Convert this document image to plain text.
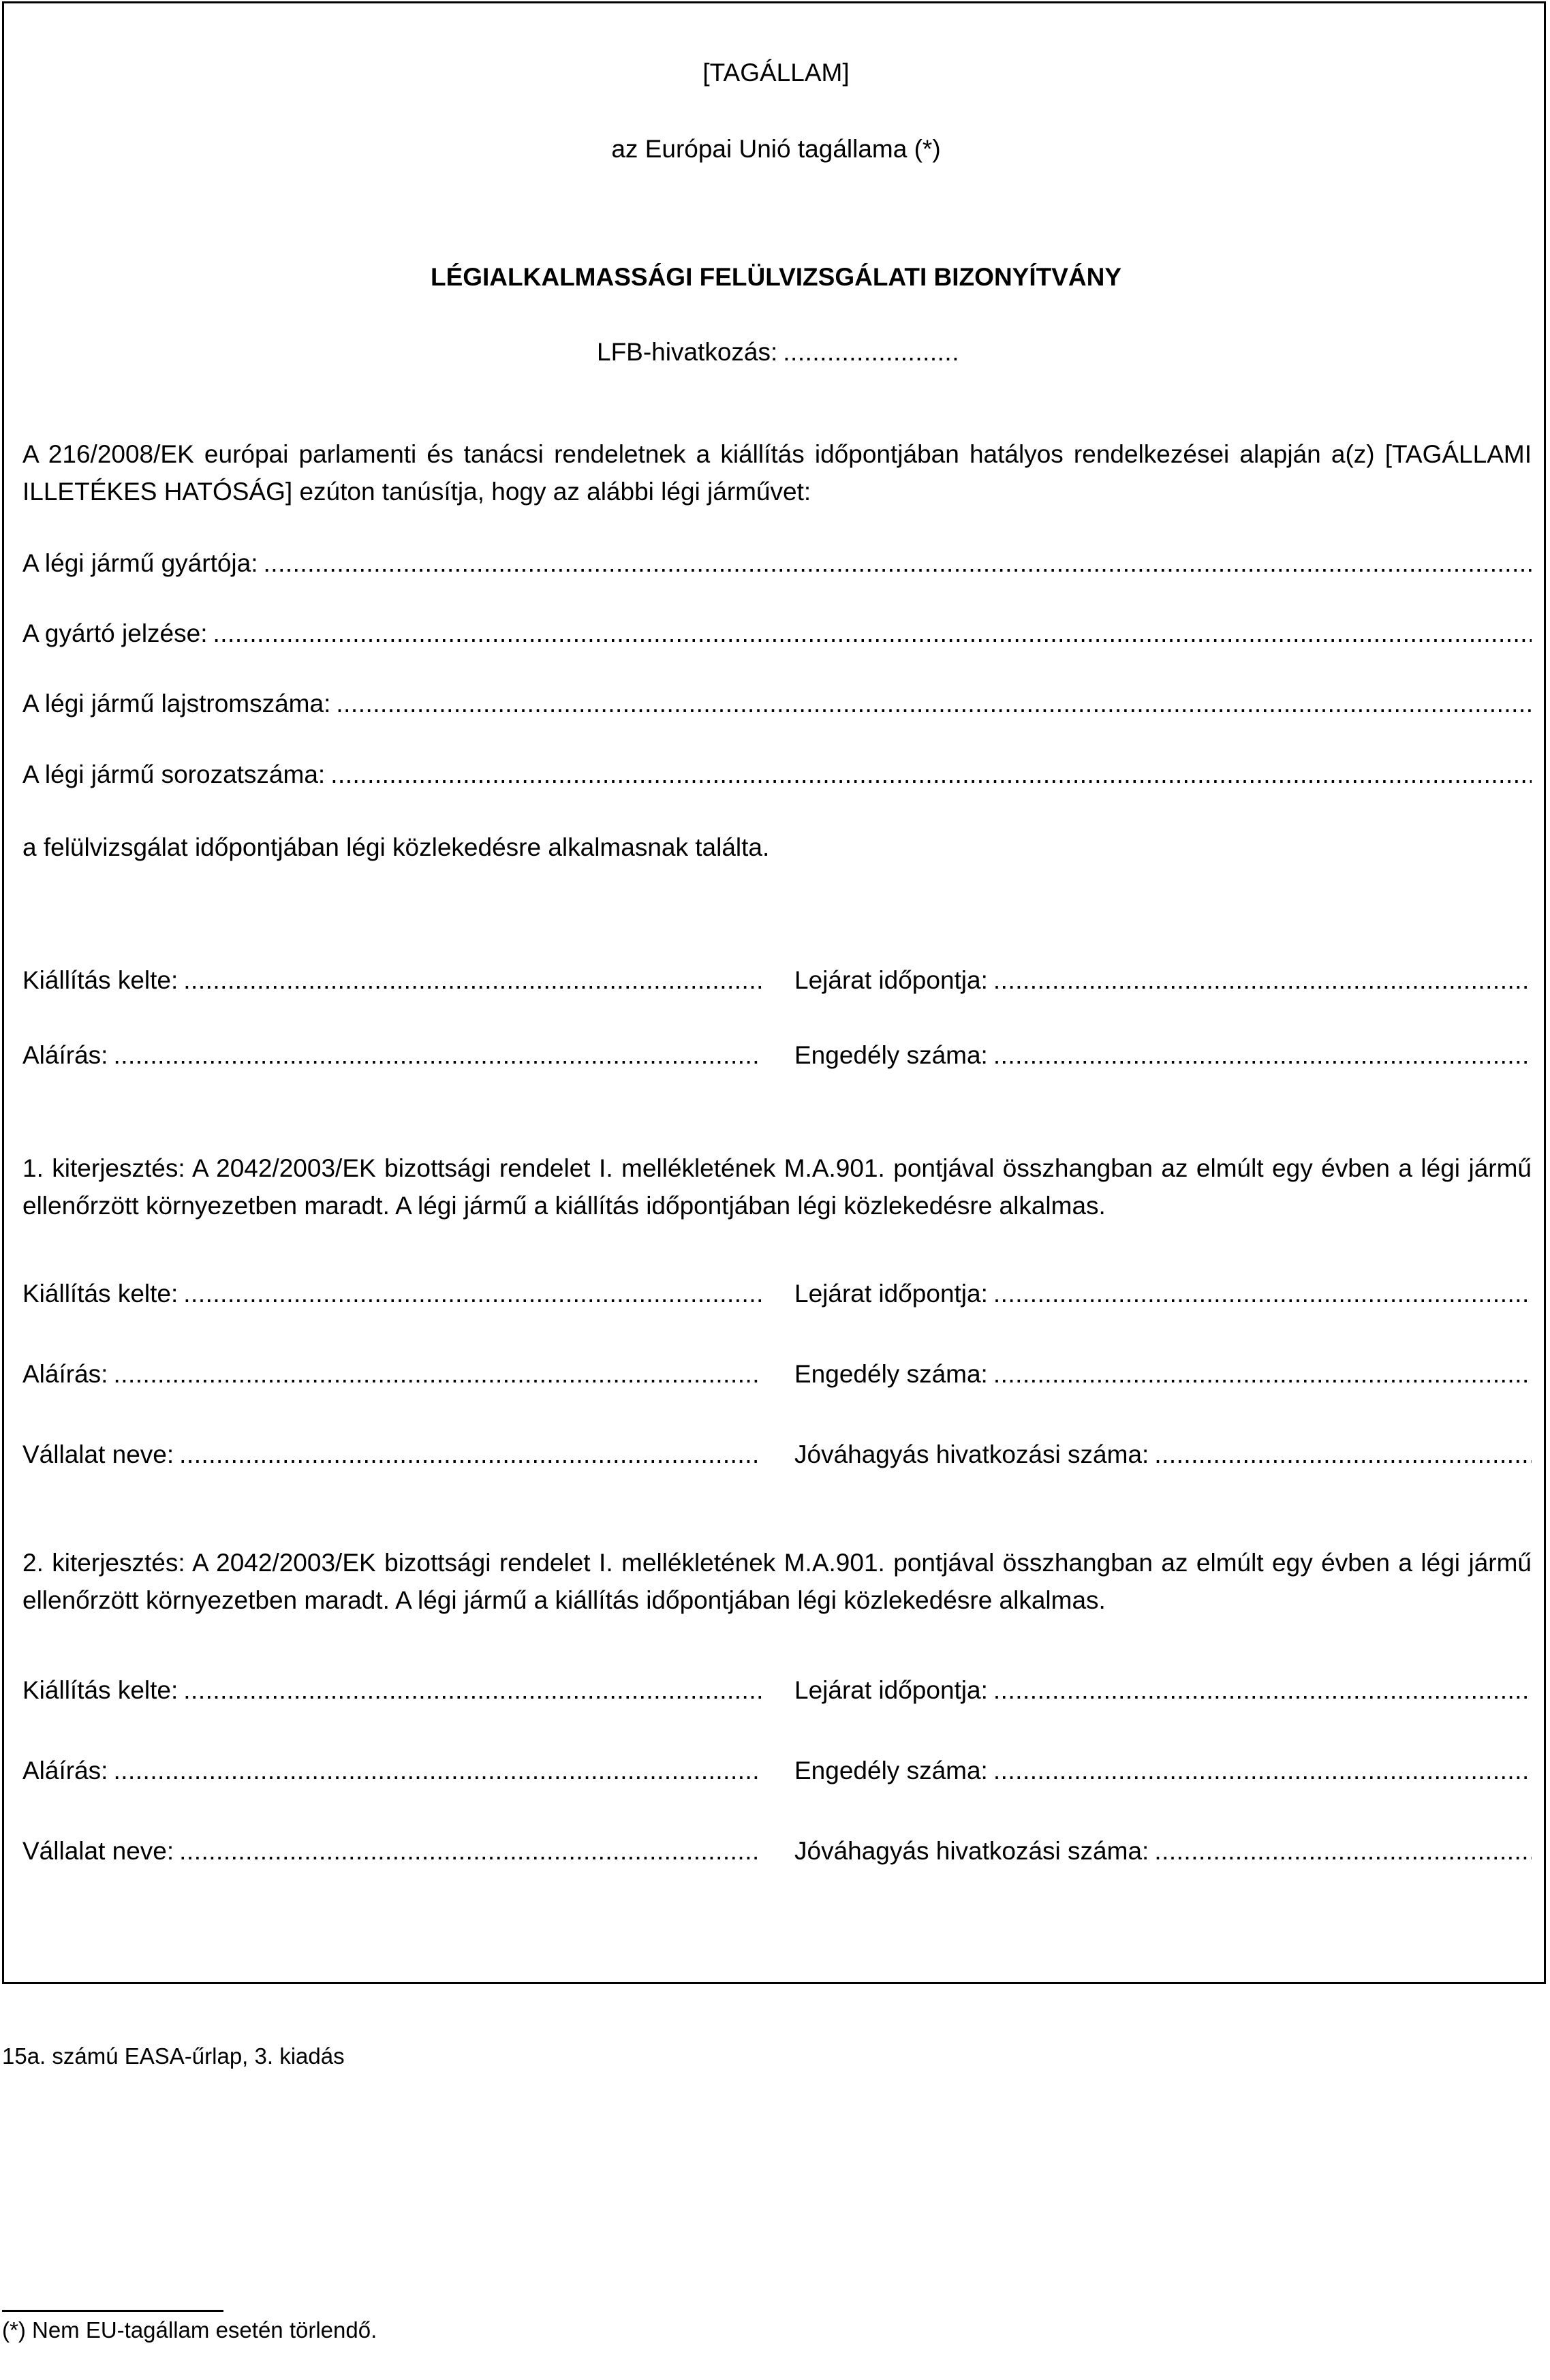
[TAGÁLLAM]
az Európai Unió tagállama (*)
LÉGIALKALMASSÁGI FELÜLVIZSGÁLATI BIZONYÍTVÁNY
LFB-hivatkozás:
.....
A 216/2008/EK európai parlamenti és tanácsi rendeletnek a kiállítás időpontjában hatályos rendelkezései alapján a(z) [TAGÁLLAMI ILLETÉKES HATÓSÁG] ezúton tanúsítja, hogy az alábbi légi járművet:
A légi jármű gyártója:
.....
A gyártó jelzése:
.....
A légi jármű lajstromszáma:
.....
A légi jármű sorozatszáma:
.....
a felülvizsgálat időpontjában légi közlekedésre alkalmasnak találta.
Kiállítás kelte: .....	Lejárat időpontja:
.....
Aláírás: .....	Engedély száma:
.....
1. kiterjesztés: A 2042/2003/EK bizottsági rendelet I. mellékletének M.A.901. pontjával összhangban az elmúlt egy évben a légi jármű ellenőrzött környezetben maradt. A légi jármű a kiállítás időpontjában légi közlekedésre alkalmas.
Kiállítás kelte: .....	Lejárat időpontja:
.....
Aláírás: .....	Engedély száma:
.....
Vállalat neve: .....	Jóváhagyás hivatkozási száma:
.....
2. kiterjesztés: A 2042/2003/EK bizottsági rendelet I. mellékletének M.A.901. pontjával összhangban az elmúlt egy évben a légi jármű ellenőrzött környezetben maradt. A légi jármű a kiállítás időpontjában légi közlekedésre alkalmas.
Kiállítás kelte: .....	Lejárat időpontja:
.....
Aláírás: .....	Engedély száma:
.....
Vállalat neve: .....	Jóváhagyás hivatkozási száma:
.....
15a. számú EASA-űrlap, 3. kiadás
(*) Nem EU-tagállam esetén törlendő.
